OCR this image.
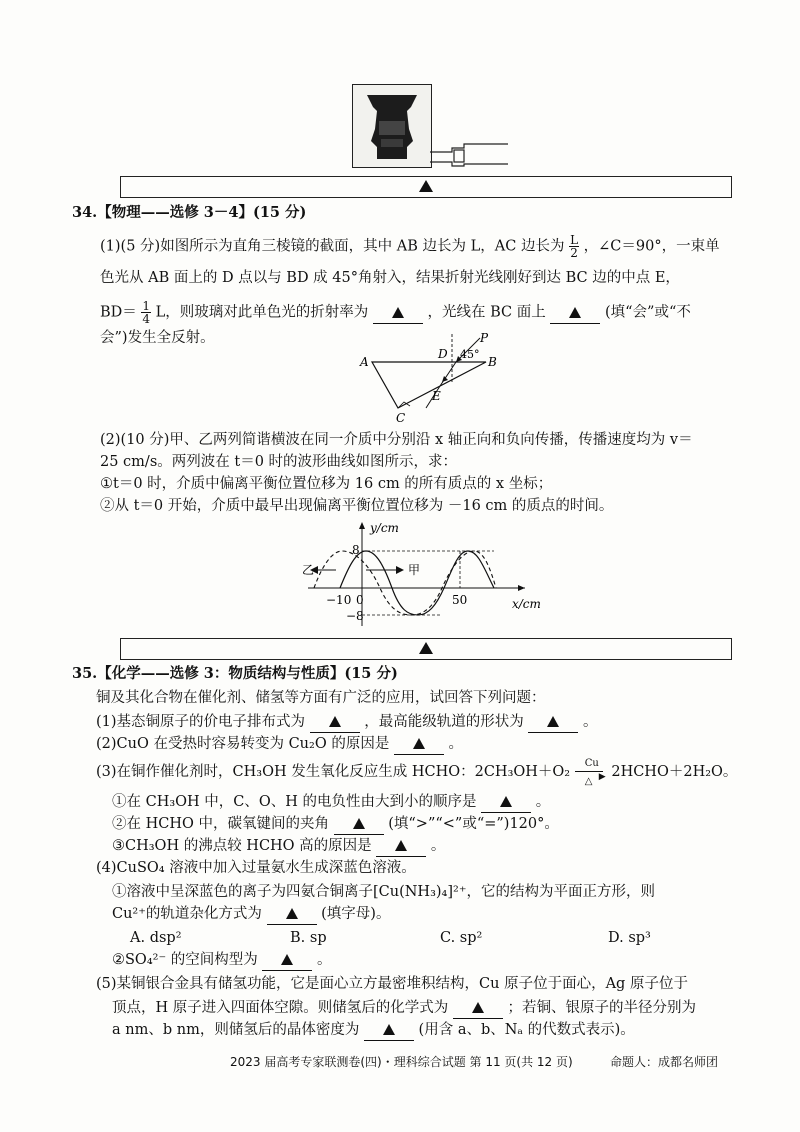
34.【物理——选修 3－4】(15 分)
(1)(5 分)如图所示为直角三棱镜的截面，其中 AB 边长为 L，AC 边长为 $\frac{L}{2}$ ，∠C＝90°，一束单
色光从 AB 面上的 D 点以与 BD 成 45°角射入，结果折射光线刚好到达 BC 边的中点 E，
$BD= \frac{1}{4}$ L，则玻璃对此单色光的折射率为	，光线在 BC 面上	(填“会”或“不
会”)发生全反射。
A	B
C
D
E
P
45°
(2)(10 分)甲、乙两列简谐横波在同一介质中分别沿 x 轴正向和负向传播，传播速度均为 v＝
25 cm/s。两列波在 t＝0 时的波形曲线如图所示，求：
①t＝0 时，介质中偏离平衡位置位移为 16 cm 的所有质点的 x 坐标；
②从 t＝0 开始，介质中最早出现偏离平衡位置位移为 －16 cm 的质点的时间。
y/cm
x/cm
8
−8
−10 0	50
乙	甲
35.【化学——选修 3：物质结构与性质】(15 分)
铜及其化合物在催化剂、储氢等方面有广泛的应用，试回答下列问题：
(1)基态铜原子的价电子排布式为	，最高能级轨道的形状为	。
(2)CuO 在受热时容易转变为 Cu₂O 的原因是	。
(3)在铜作催化剂时，CH₃OH 发生氧化反应生成 HCHO：2CH₃OH＋O₂
Cu
▶
△
2HCHO＋2H₂O。
①在 CH₃OH 中，C、O、H 的电负性由大到小的顺序是	。
②在 HCHO 中，碳氧键间的夹角	(填“>”“<”或“=”)120°。
③CH₃OH 的沸点较 HCHO 高的原因是	。
(4)CuSO₄ 溶液中加入过量氨水生成深蓝色溶液。
①溶液中呈深蓝色的离子为四氨合铜离子[Cu(NH₃)₄]²⁺，它的结构为平面正方形，则
Cu²⁺的轨道杂化方式为	(填字母)。
A. dsp²	B. sp	C. sp²	D. sp³
②SO₄²⁻ 的空间构型为	。
(5)某铜银合金具有储氢功能，它是面心立方最密堆积结构，Cu 原子位于面心，Ag 原子位于
顶点，H 原子进入四面体空隙。则储氢后的化学式为	；若铜、银原子的半径分别为
a nm、b nm，则储氢后的晶体密度为	(用含 a、b、Nₐ 的代数式表示)。
2023 届高考专家联测卷(四)・理科综合试题 第 11 页(共 12 页)	命题人：成都名师团
